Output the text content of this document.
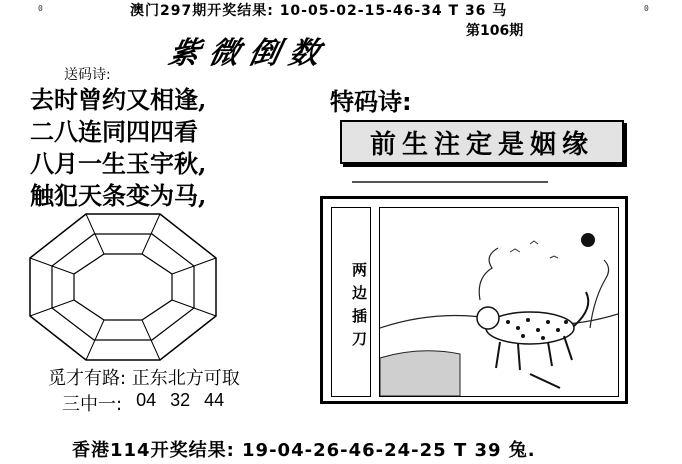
0	0
澳门297期开奖结果: 10-05-02-15-46-34 T 36 马
第106期
紫微倒数
送码诗:
去时曾约又相逢,
二八连同四四看
八月一生玉宇秋,
触犯天条变为马,
特码诗:
前生注定是姻缘
两边插刀
觅才有路: 正东北方可取
三中一: 04 32 44
香港114开奖结果: 19-04-26-46-24-25 T 39 兔.
